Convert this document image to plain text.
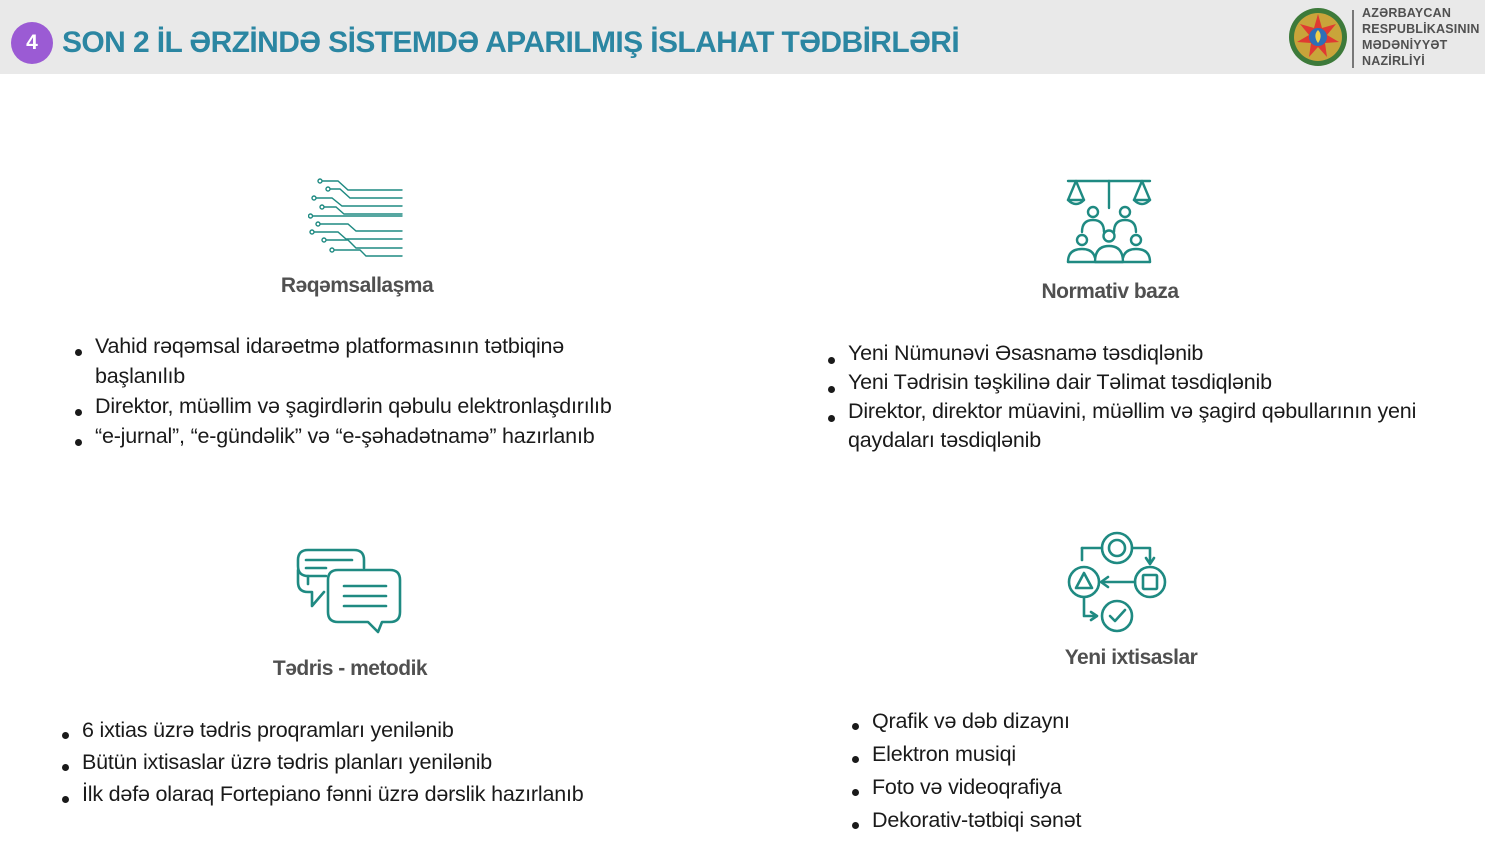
4 SON 2 İL ƏRZİNDƏ SİSTEMDƏ APARILMIŞ İSLAHAT TƏDBİRLƏRİ
AZƏRBAYCAN
RESPUBLİKASININ
MƏDƏNİYYƏT
NAZİRLİYİ
Rəqəmsallaşma
Vahid rəqəmsal idarəetmə platformasının tətbiqinə başlanılıb
Direktor, müəllim və şagirdlərin qəbulu elektronlaşdırılıb
“e-jurnal”, “e-gündəlik” və “e-şəhadətnamə” hazırlanıb
Normativ baza
Yeni Nümunəvi Əsasnamə təsdiqlənib
Yeni Tədrisin təşkilinə dair Təlimat təsdiqlənib
Direktor, direktor müavini, müəllim və şagird qəbullarının yeni qaydaları təsdiqlənib
Tədris - metodik
6 ixtias üzrə tədris proqramları yenilənib
Bütün ixtisaslar üzrə tədris planları yenilənib
İlk dəfə olaraq Fortepiano fənni üzrə dərslik hazırlanıb
Yeni ixtisaslar
Qrafik və dəb dizaynı
Elektron musiqi
Foto və videoqrafiya
Dekorativ-tətbiqi sənət
